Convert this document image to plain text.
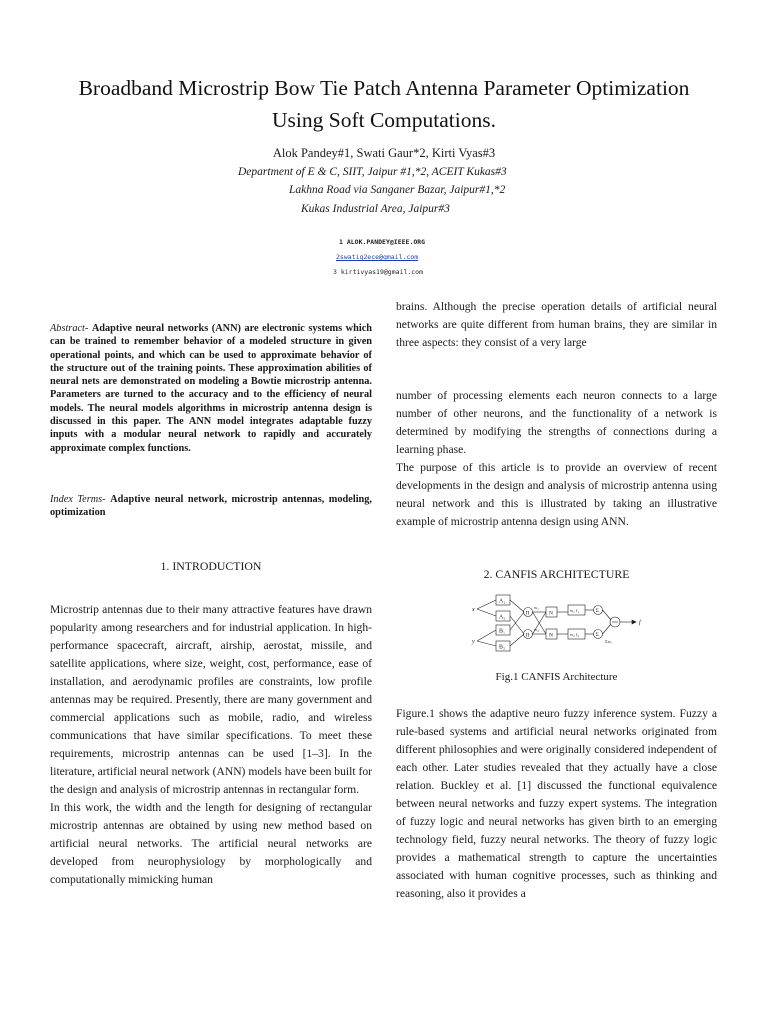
Broadband Microstrip Bow Tie Patch Antenna Parameter Optimization
Using Soft Computations.
Alok Pandey#1, Swati Gaur*2, Kirti Vyas#3
Department of E & C, SIIT, Jaipur #1,*2, ACEIT Kukas#3
Lakhna Road via Sanganer Bazar, Jaipur#1,*2
Kukas Industrial Area, Jaipur#3
1 ALOK.PANDEY@IEEE.ORG
2swatig2ece@gmail.com
3 kirtivyas19@gmail.com

Abstract- Adaptive neural networks (ANN) are electronic systems which can be trained to remember behavior of a modeled structure in given operational points, and which can be used to approximate behavior of the structure out of the training points. These approximation abilities of neural nets are demonstrated on modeling a Bowtie microstrip antenna. Parameters are turned to the accuracy and to the efficiency of neural models. The neural models algorithms in microstrip antenna design is discussed in this paper. The ANN model integrates adaptable fuzzy inputs with a modular neural network to rapidly and accurately approximate complex functions.

Index Terms- Adaptive neural network, microstrip antennas, modeling, optimization

1. INTRODUCTION

Microstrip antennas due to their many attractive features have drawn popularity among researchers and for industrial application. In high-performance spacecraft, aircraft, airship, aerostat, missile, and satellite applications, where size, weight, cost, performance, ease of installation, and aerodynamic profiles are constraints, low profile antennas may be required. Presently, there are many government and commercial applications such as mobile, radio, and wireless communications that have similar specifications. To meet these requirements, microstrip antennas can be used [1–3]. In the literature, artificial neural network (ANN) models have been built for the design and analysis of microstrip antennas in rectangular form.

In this work, the width and the length for designing of rectangular microstrip antennas are obtained by using new method based on artificial neural networks. The artificial neural networks are developed from neurophysiology by morphologically and computationally mimicking human

brains. Although the precise operation details of artificial neural networks are quite different from human brains, they are similar in three aspects: they consist of a very large

number of processing elements each neuron connects to a large number of other neurons, and the functionality of a network is determined by modifying the strengths of connections during a learning phase.

The purpose of this article is to provide an overview of recent developments in the design and analysis of microstrip antenna using neural network and this is illustrated by taking an illustrative example of microstrip antenna design using ANN.

2. CANFIS ARCHITECTURE
x
y
A₁
A₂
B₁
B₂
Π
Π
w₁
w₂
N
N
w₁ f₁
w₂ f₂
Σ
Σ
Σwᵢ
f
Fig.1 CANFIS Architecture

Figure.1 shows the adaptive neuro fuzzy inference system. Fuzzy a rule-based systems and artificial neural networks originated from different philosophies and were originally considered independent of each other. Later studies revealed that they actually have a close relation. Buckley et al. [1] discussed the functional equivalence between neural networks and fuzzy expert systems. The integration of fuzzy logic and neural networks has given birth to an emerging technology field, fuzzy neural networks. The theory of fuzzy logic provides a mathematical strength to capture the uncertainties associated with human cognitive processes, such as thinking and reasoning, also it provides a
